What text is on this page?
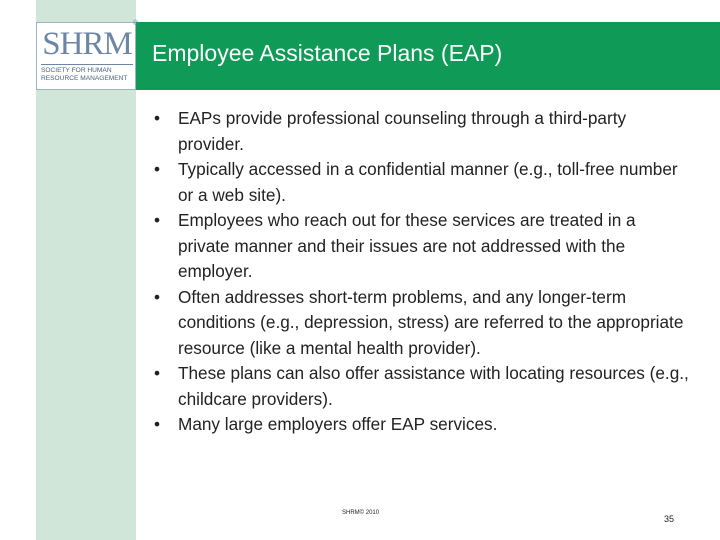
SHRM
SOCIETY FOR HUMAN
RESOURCE MANAGEMENT
®
Employee Assistance Plans (EAP)
• EAPs provide professional counseling through a third-party provider.
• Typically accessed in a confidential manner (e.g., toll-free number or a web site).
• Employees who reach out for these services are treated in a private manner and their issues are not addressed with the employer.
• Often addresses short-term problems, and any longer-term conditions (e.g., depression, stress) are referred to the appropriate resource (like a mental health provider).
• These plans can also offer assistance with locating resources (e.g., childcare providers).
• Many large employers offer EAP services.
SHRM© 2010
35
